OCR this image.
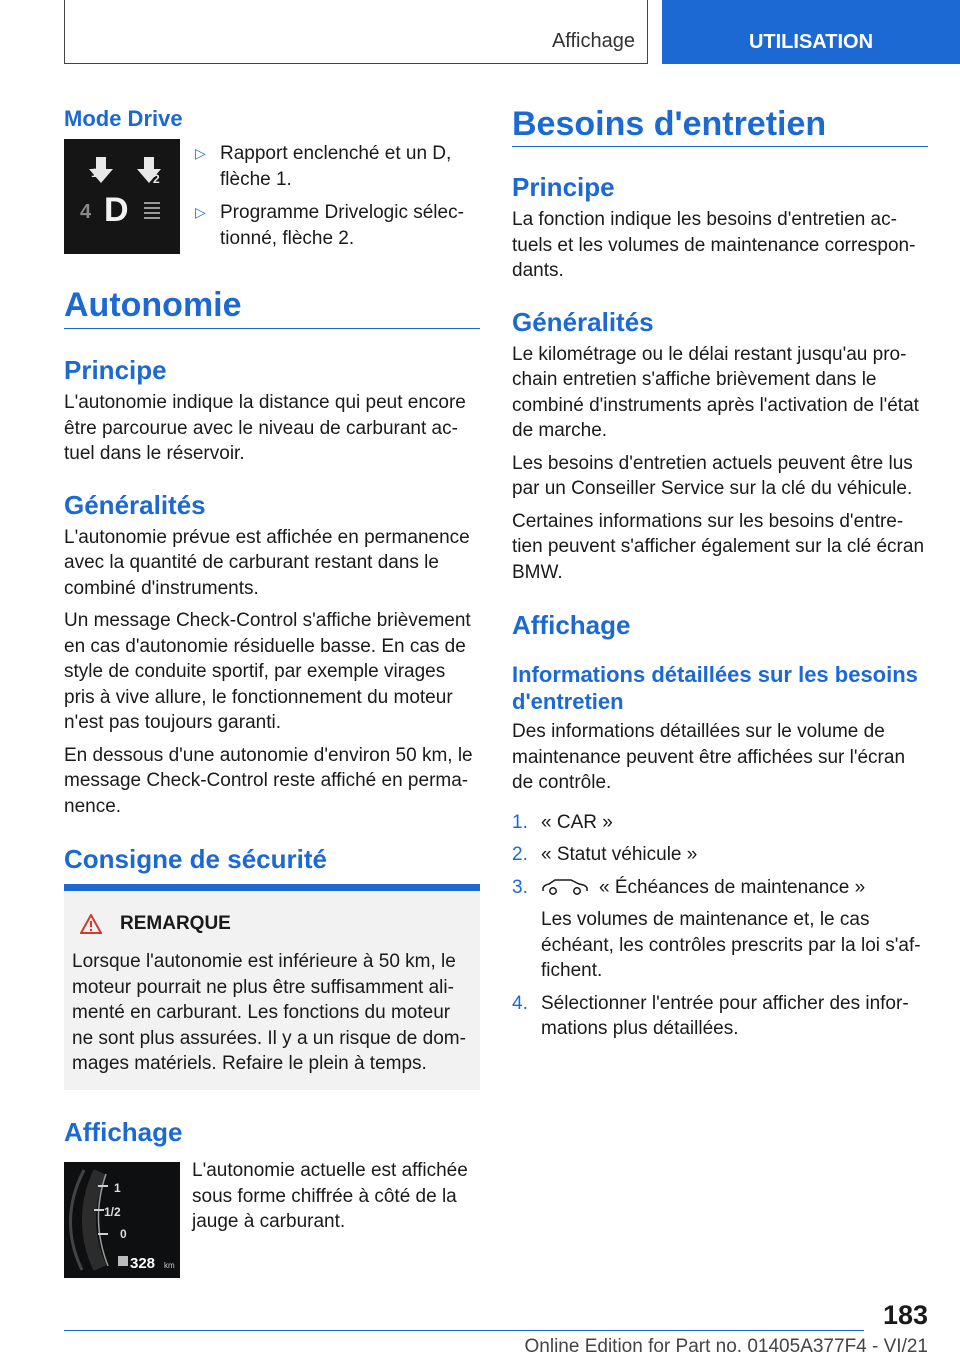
Affichage	UTILISATION
Mode Drive
1	2
4 D
▷ Rapport enclenché et un D, flèche 1.
▷ Programme Drivelogic sélec-tionné, flèche 2.
Autonomie
Principe

L'autonomie indique la distance qui peut encore être parcourue avec le niveau de carburant ac-tuel dans le réservoir.

Généralités

L'autonomie prévue est affichée en permanence avec la quantité de carburant restant dans le combiné d'instruments.

Un message Check-Control s'affiche brièvement en cas d'autonomie résiduelle basse. En cas de style de conduite sportif, par exemple virages pris à vive allure, le fonctionnement du moteur n'est pas toujours garanti.

En dessous d'une autonomie d'environ 50 km, le message Check-Control reste affiché en perma-nence.

Consigne de sécurité
REMARQUE

Lorsque l'autonomie est inférieure à 50 km, le moteur pourrait ne plus être suffisamment ali-menté en carburant. Les fonctions du moteur ne sont plus assurées. Il y a un risque de dom-mages matériels. Refaire le plein à temps.

Affichage
1
1/2
0
328 km

L'autonomie actuelle est affichée sous forme chiffrée à côté de la jauge à carburant.

Besoins d'entretien
Principe

La fonction indique les besoins d'entretien ac-tuels et les volumes de maintenance correspon-dants.

Généralités

Le kilométrage ou le délai restant jusqu'au pro-chain entretien s'affiche brièvement dans le combiné d'instruments après l'activation de l'état de marche.

Les besoins d'entretien actuels peuvent être lus par un Conseiller Service sur la clé du véhicule.

Certaines informations sur les besoins d'entre-tien peuvent s'afficher également sur la clé écran BMW.

Affichage
Informations détaillées sur les besoins d'entretien

Des informations détaillées sur le volume de maintenance peuvent être affichées sur l'écran de contrôle.

1. « CAR »
2. « Statut véhicule »
3.	« Échéances de maintenance »
Les volumes de maintenance et, le cas échéant, les contrôles prescrits par la loi s'af-fichent.
4. Sélectionner l'entrée pour afficher des infor-mations plus détaillées.
183
Online Edition for Part no. 01405A377F4 - VI/21
